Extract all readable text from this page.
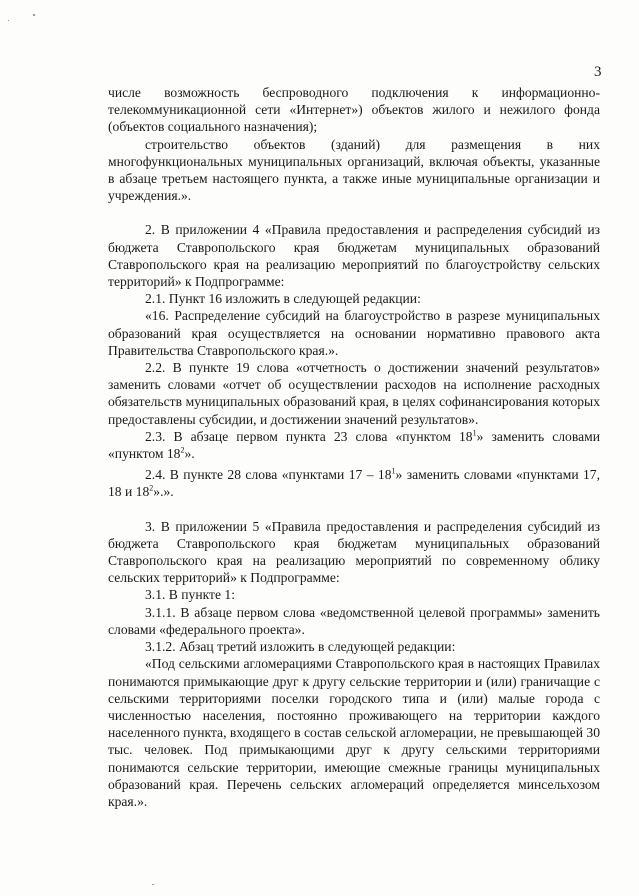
3

числе возможность беспроводного подключения к информационно-телекоммуникационной сети «Интернет») объектов жилого и нежилого фонда (объектов социального назначения);

строительство объектов (зданий) для размещения в них многофункциональных муниципальных организаций, включая объекты, указанные в абзаце третьем настоящего пункта, а также иные муниципальные организации и учреждения.».

2. В приложении 4 «Правила предоставления и распределения субсидий из бюджета Ставропольского края бюджетам муниципальных образований Ставропольского края на реализацию мероприятий по благоустройству сельских территорий» к Подпрограмме:

2.1. Пункт 16 изложить в следующей редакции:

«16. Распределение субсидий на благоустройство в разрезе муниципальных образований края осуществляется на основании нормативно правового акта Правительства Ставропольского края.».

2.2. В пункте 19 слова «отчетность о достижении значений результатов» заменить словами «отчет об осуществлении расходов на исполнение расходных обязательств муниципальных образований края, в целях софинансирования которых предоставлены субсидии, и достижении значений результатов».

2.3. В абзаце первом пункта 23 слова «пунктом $18^1$» заменить словами «пунктом $18^2$».

2.4. В пункте 28 слова «пунктами $17 - 18^1$» заменить словами «пунктами 17, 18 и $18^2$».».

3. В приложении 5 «Правила предоставления и распределения субсидий из бюджета Ставропольского края бюджетам муниципальных образований Ставропольского края на реализацию мероприятий по современному облику сельских территорий» к Подпрограмме:

3.1. В пункте 1:

3.1.1. В абзаце первом слова «ведомственной целевой программы» заменить словами «федерального проекта».

3.1.2. Абзац третий изложить в следующей редакции:

«Под сельскими агломерациями Ставропольского края в настоящих Правилах понимаются примыкающие друг к другу сельские территории и (или) граничащие с сельскими территориями поселки городского типа и (или) малые города с численностью населения, постоянно проживающего на территории каждого населенного пункта, входящего в состав сельской агломерации, не превышающей 30 тыс. человек. Под примыкающими друг к другу сельскими территориями понимаются сельские территории, имеющие смежные границы муниципальных образований края. Перечень сельских агломераций определяется минсельхозом края.».
